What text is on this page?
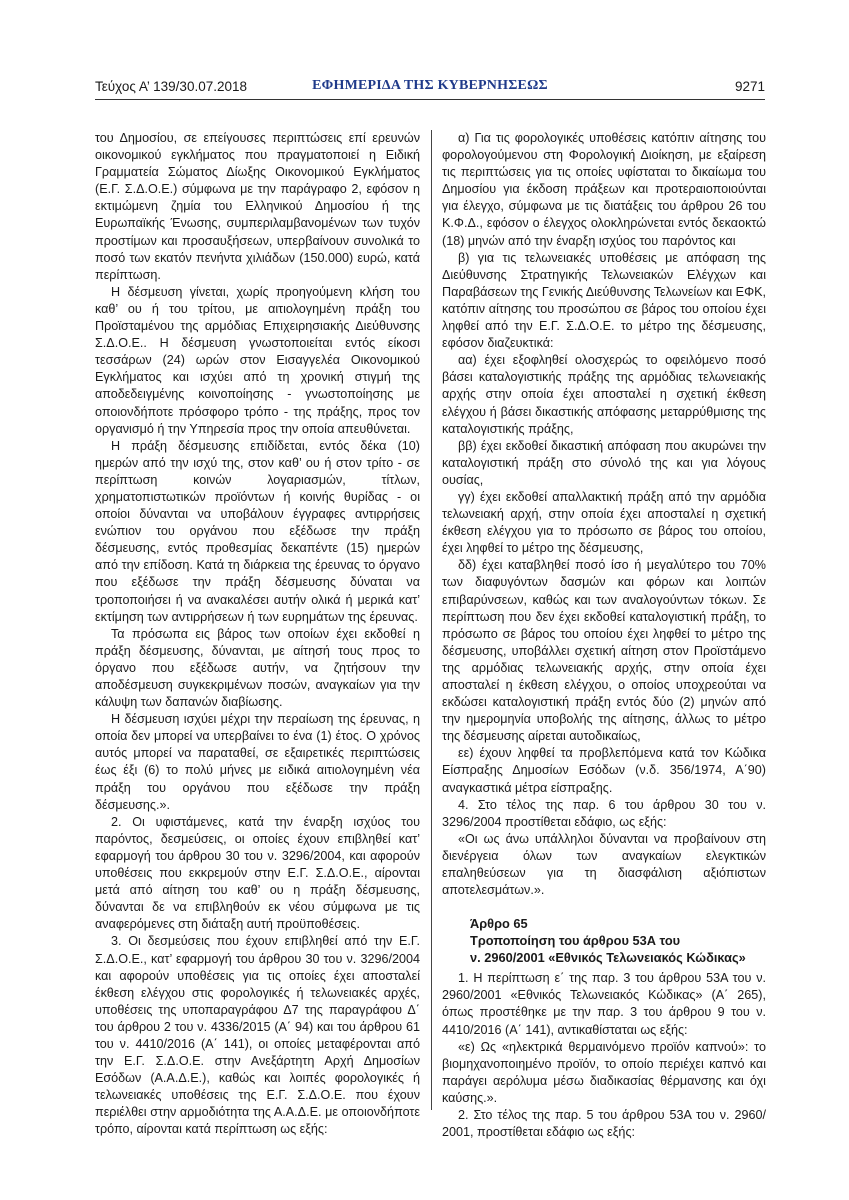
Τεύχος Α’ 139/30.07.2018	ΕΦΗΜΕΡΙΔΑ ΤΗΣ ΚΥΒΕΡΝΗΣΕΩΣ	9271

του Δημοσίου, σε επείγουσες περιπτώσεις επί ερευνών οικονομικού εγκλήματος που πραγματοποιεί η Ειδική Γραμματεία Σώματος Δίωξης Οικονομικού Εγκλήματος (Ε.Γ. Σ.Δ.Ο.Ε.) σύμφωνα με την παράγραφο 2, εφόσον η εκτιμώμενη ζημία του Ελληνικού Δημοσίου ή της Ευρωπαϊκής Ένωσης, συμπεριλαμβανομένων των τυχόν προστίμων και προσαυξήσεων, υπερβαίνουν συνολικά το ποσό των εκατόν πενήντα χιλιάδων (150.000) ευρώ, κατά περίπτωση.

Η δέσμευση γίνεται, χωρίς προηγούμενη κλήση του καθ’ ου ή του τρίτου, με αιτιολογημένη πράξη του Προϊσταμένου της αρμόδιας Επιχειρησιακής Διεύθυνσης Σ.Δ.Ο.Ε.. Η δέσμευση γνωστοποιείται εντός είκοσι τεσσάρων (24) ωρών στον Εισαγγελέα Οικονομικού Εγκλήματος και ισχύει από τη χρονική στιγμή της αποδεδειγμένης κοινοποίησης - γνωστοποίησης με οποιονδήποτε πρόσφορο τρόπο - της πράξης, προς τον οργανισμό ή την Υπηρεσία προς την οποία απευθύνεται.

Η πράξη δέσμευσης επιδίδεται, εντός δέκα (10) ημερών από την ισχύ της, στον καθ’ ου ή στον τρίτο - σε περίπτωση κοινών λογαριασμών, τίτλων, χρηματοπιστωτικών προϊόντων ή κοινής θυρίδας - οι οποίοι δύνανται να υποβάλουν έγγραφες αντιρρήσεις ενώπιον του οργάνου που εξέδωσε την πράξη δέσμευσης, εντός προθεσμίας δεκαπέντε (15) ημερών από την επίδοση. Κατά τη διάρκεια της έρευνας το όργανο που εξέδωσε την πράξη δέσμευσης δύναται να τροποποιήσει ή να ανακαλέσει αυτήν ολικά ή μερικά κατ’ εκτίμηση των αντιρρήσεων ή των ευρημάτων της έρευνας.

Τα πρόσωπα εις βάρος των οποίων έχει εκδοθεί η πράξη δέσμευσης, δύνανται, με αίτησή τους προς το όργανο που εξέδωσε αυτήν, να ζητήσουν την αποδέσμευση συγκεκριμένων ποσών, αναγκαίων για την κάλυψη των δαπανών διαβίωσης.

Η δέσμευση ισχύει μέχρι την περαίωση της έρευνας, η οποία δεν μπορεί να υπερβαίνει το ένα (1) έτος. Ο χρόνος αυτός μπορεί να παραταθεί, σε εξαιρετικές περιπτώσεις έως έξι (6) το πολύ μήνες με ειδικά αιτιολογημένη νέα πράξη του οργάνου που εξέδωσε την πράξη δέσμευσης.».

2. Οι υφιστάμενες, κατά την έναρξη ισχύος του παρόντος, δεσμεύσεις, οι οποίες έχουν επιβληθεί κατ’ εφαρμογή του άρθρου 30 του ν. 3296/2004, και αφορούν υποθέσεις που εκκρεμούν στην Ε.Γ. Σ.Δ.Ο.Ε., αίρονται μετά από αίτηση του καθ’ ου η πράξη δέσμευσης, δύνανται δε να επιβληθούν εκ νέου σύμφωνα με τις αναφερόμενες στη διάταξη αυτή προϋποθέσεις.

3. Οι δεσμεύσεις που έχουν επιβληθεί από την Ε.Γ. Σ.Δ.Ο.Ε., κατ’ εφαρμογή του άρθρου 30 του ν. 3296/2004 και αφορούν υποθέσεις για τις οποίες έχει αποσταλεί έκθεση ελέγχου στις φορολογικές ή τελωνειακές αρχές, υποθέσεις της υποπαραγράφου Δ7 της παραγράφου Δ΄ του άρθρου 2 του ν. 4336/2015 (Α΄ 94) και του άρθρου 61 του ν. 4410/2016 (Α΄ 141), οι οποίες μεταφέρονται από την Ε.Γ. Σ.Δ.Ο.Ε. στην Ανεξάρτητη Αρχή Δημοσίων Εσόδων (Α.Α.Δ.Ε.), καθώς και λοιπές φορολογικές ή τελωνειακές υποθέσεις της Ε.Γ. Σ.Δ.Ο.Ε. που έχουν περιέλθει στην αρμοδιότητα της Α.Α.Δ.Ε. με οποιονδήποτε τρόπο, αίρονται κατά περίπτωση ως εξής:

α) Για τις φορολογικές υποθέσεις κατόπιν αίτησης του φορολογούμενου στη Φορολογική Διοίκηση, με εξαίρεση τις περιπτώσεις για τις οποίες υφίσταται το δικαίωμα του Δημοσίου για έκδοση πράξεων και προτεραιοποιούνται για έλεγχο, σύμφωνα με τις διατάξεις του άρθρου 26 του Κ.Φ.Δ., εφόσον ο έλεγχος ολοκληρώνεται εντός δεκαοκτώ (18) μηνών από την έναρξη ισχύος του παρόντος και

β) για τις τελωνειακές υποθέσεις με απόφαση της Διεύθυνσης Στρατηγικής Τελωνειακών Ελέγχων και Παραβάσεων της Γενικής Διεύθυνσης Τελωνείων και ΕΦΚ, κατόπιν αίτησης του προσώπου σε βάρος του οποίου έχει ληφθεί από την Ε.Γ. Σ.Δ.Ο.Ε. το μέτρο της δέσμευσης, εφόσον διαζευκτικά:

αα) έχει εξοφληθεί ολοσχερώς το οφειλόμενο ποσό βάσει καταλογιστικής πράξης της αρμόδιας τελωνειακής αρχής στην οποία έχει αποσταλεί η σχετική έκθεση ελέγχου ή βάσει δικαστικής απόφασης μεταρρύθμισης της καταλογιστικής πράξης,

ββ) έχει εκδοθεί δικαστική απόφαση που ακυρώνει την καταλογιστική πράξη στο σύνολό της και για λόγους ουσίας,

γγ) έχει εκδοθεί απαλλακτική πράξη από την αρμόδια τελωνειακή αρχή, στην οποία έχει αποσταλεί η σχετική έκθεση ελέγχου για το πρόσωπο σε βάρος του οποίου, έχει ληφθεί το μέτρο της δέσμευσης,

δδ) έχει καταβληθεί ποσό ίσο ή μεγαλύτερο του 70% των διαφυγόντων δασμών και φόρων και λοιπών επιβαρύνσεων, καθώς και των αναλογούντων τόκων. Σε περίπτωση που δεν έχει εκδοθεί καταλογιστική πράξη, το πρόσωπο σε βάρος του οποίου έχει ληφθεί το μέτρο της δέσμευσης, υποβάλλει σχετική αίτηση στον Προϊστάμενο της αρμόδιας τελωνειακής αρχής, στην οποία έχει αποσταλεί η έκθεση ελέγχου, ο οποίος υποχρεούται να εκδώσει καταλογιστική πράξη εντός δύο (2) μηνών από την ημερομηνία υποβολής της αίτησης, άλλως το μέτρο της δέσμευσης αίρεται αυτοδικαίως,

εε) έχουν ληφθεί τα προβλεπόμενα κατά τον Κώδικα Είσπραξης Δημοσίων Εσόδων (ν.δ. 356/1974, Α΄90) αναγκαστικά μέτρα είσπραξης.

4. Στο τέλος της παρ. 6 του άρθρου 30 του ν. 3296/2004 προστίθεται εδάφιο, ως εξής:

«Οι ως άνω υπάλληλοι δύνανται να προβαίνουν στη διενέργεια όλων των αναγκαίων ελεγκτικών επαληθεύσεων για τη διασφάλιση αξιόπιστων αποτελεσμάτων.».

Άρθρο 65
Τροποποίηση του άρθρου 53Α του
ν. 2960/2001 «Εθνικός Τελωνειακός Κώδικας»

1. Η περίπτωση ε΄ της παρ. 3 του άρθρου 53Α του ν. 2960/2001 «Εθνικός Τελωνειακός Κώδικας» (Α΄ 265), όπως προστέθηκε με την παρ. 3 του άρθρου 9 του ν. 4410/2016 (Α΄ 141), αντικαθίσταται ως εξής:

«ε) Ως «ηλεκτρικά θερμαινόμενο προϊόν καπνού»: το βιομηχανοποιημένο προϊόν, το οποίο περιέχει καπνό και παράγει αερόλυμα μέσω διαδικασίας θέρμανσης και όχι καύσης.».

2. Στο τέλος της παρ. 5 του άρθρου 53Α του ν. 2960/ 2001, προστίθεται εδάφιο ως εξής:
